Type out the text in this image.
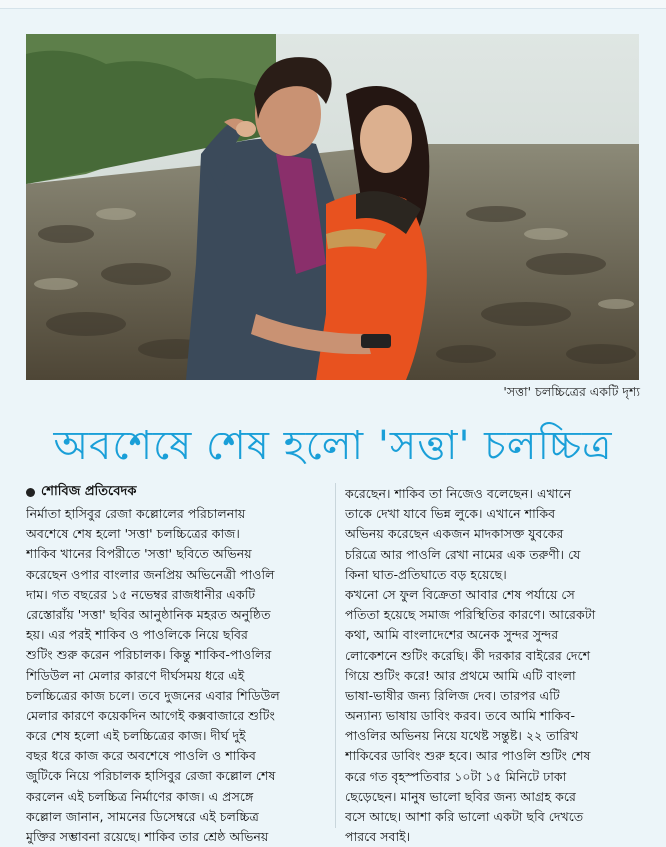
'সত্তা' চলচ্চিত্রের একটি দৃশ্য
অবশেষে শেষ হলো 'সত্তা' চলচ্চিত্র
শোবিজ প্রতিবেদক
নির্মাতা হাসিবুর রেজা কল্লোলের পরিচালনায়
অবশেষে শেষ হলো 'সত্তা' চলচ্চিত্রের কাজ।
শাকিব খানের বিপরীতে 'সত্তা' ছবিতে অভিনয়
করেছেন ওপার বাংলার জনপ্রিয় অভিনেত্রী পাওলি
দাম। গত বছরের ১৫ নভেম্বর রাজধানীর একটি
রেস্তোরাঁয় 'সত্তা' ছবির আনুষ্ঠানিক মহরত অনুষ্ঠিত
হয়। এর পরই শাকিব ও পাওলিকে নিয়ে ছবির
শুটিং শুরু করেন পরিচালক। কিন্তু শাকিব-পাওলির
শিডিউল না মেলার কারণে দীর্ঘসময় ধরে এই
চলচ্চিত্রের কাজ চলে। তবে দুজনের এবার শিডিউল
মেলার কারণে কয়েকদিন আগেই কক্সবাজারে শুটিং
করে শেষ হলো এই চলচ্চিত্রের কাজ। দীর্ঘ দুই
বছর ধরে কাজ করে অবশেষে পাওলি ও শাকিব
জুটিকে নিয়ে পরিচালক হাসিবুর রেজা কল্লোল শেষ
করলেন এই চলচ্চিত্র নির্মাণের কাজ। এ প্রসঙ্গে
কল্লোল জানান, সামনের ডিসেম্বরে এই চলচ্চিত্র
মুক্তির সম্ভাবনা রয়েছে। শাকিব তার শ্রেষ্ঠ অভিনয়
করেছেন। শাকিব তা নিজেও বলেছেন। এখানে
তাকে দেখা যাবে ভিন্ন লুকে। এখানে শাকিব
অভিনয় করেছেন একজন মাদকাসক্ত যুবকের
চরিত্রে আর পাওলি রেখা নামের এক তরুণী। যে
কিনা ঘাত-প্রতিঘাতে বড় হয়েছে।
কখনো সে ফুল বিক্রেতা আবার শেষ পর্যায়ে সে
পতিতা হয়েছে সমাজ পরিস্থিতির কারণে। আরেকটা
কথা, আমি বাংলাদেশের অনেক সুন্দর সুন্দর
লোকেশনে শুটিং করেছি। কী দরকার বাইরের দেশে
গিয়ে শুটিং করে! আর প্রথমে আমি এটি বাংলা
ভাষা-ভাষীর জন্য রিলিজ দেব। তারপর এটি
অন্যান্য ভাষায় ডাবিং করব। তবে আমি শাকিব-
পাওলির অভিনয় নিয়ে যথেষ্ট সন্তুষ্ট। ২২ তারিখ
শাকিবের ডাবিং শুরু হবে। আর পাওলি শুটিং শেষ
করে গত বৃহস্পতিবার ১০টা ১৫ মিনিটে ঢাকা
ছেড়েছেন। মানুষ ভালো ছবির জন্য আগ্রহ করে
বসে আছে। আশা করি ভালো একটা ছবি দেখতে
পারবে সবাই।
